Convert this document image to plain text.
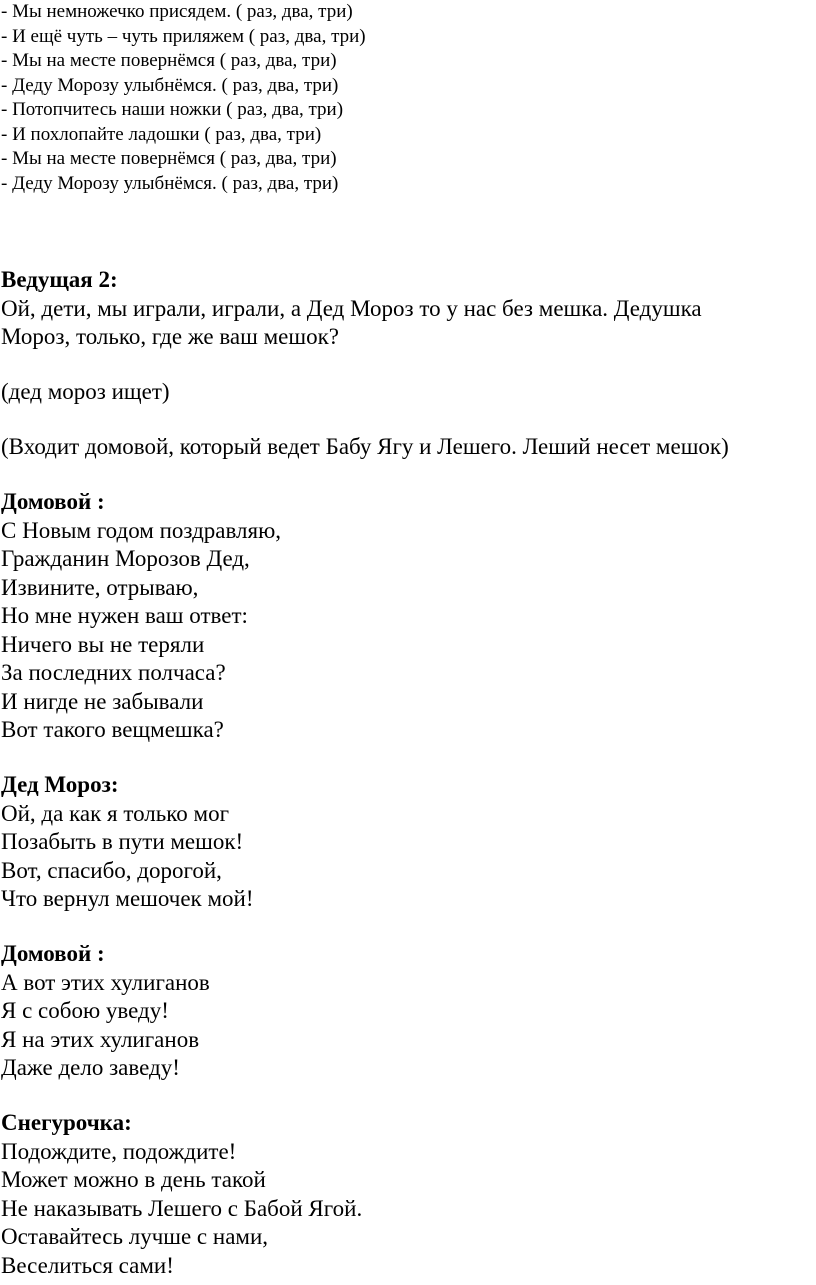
- Мы немножечко присядем. ( раз, два, три)
- И ещё чуть – чуть приляжем ( раз, два, три)
- Мы на месте повернёмся ( раз, два, три)
- Деду Морозу улыбнёмся. ( раз, два, три)
- Потопчитесь наши ножки ( раз, два, три)
- И похлопайте ладошки ( раз, два, три)
- Мы на месте повернёмся ( раз, два, три)
- Деду Морозу улыбнёмся. ( раз, два, три)
Ведущая 2:
Ой, дети, мы играли, играли, а Дед Мороз то у нас без мешка. Дедушка
Мороз, только, где же ваш мешок?
(дед мороз ищет)
(Входит домовой, который ведет Бабу Ягу и Лешего. Леший несет мешок)
Домовой :
С Новым годом поздравляю,
Гражданин Морозов Дед,
Извините, отрываю,
Но мне нужен ваш ответ:
Ничего вы не теряли
За последних полчаса?
И нигде не забывали
Вот такого вещмешка?
Дед Мороз:
Ой, да как я только мог
Позабыть в пути мешок!
Вот, спасибо, дорогой,
Что вернул мешочек мой!
Домовой :
А вот этих хулиганов
Я с собою уведу!
Я на этих хулиганов
Даже дело заведу!
Снегурочка:
Подождите, подождите!
Может можно в день такой
Не наказывать Лешего с Бабой Ягой.
Оставайтесь лучше с нами,
Веселиться сами!
